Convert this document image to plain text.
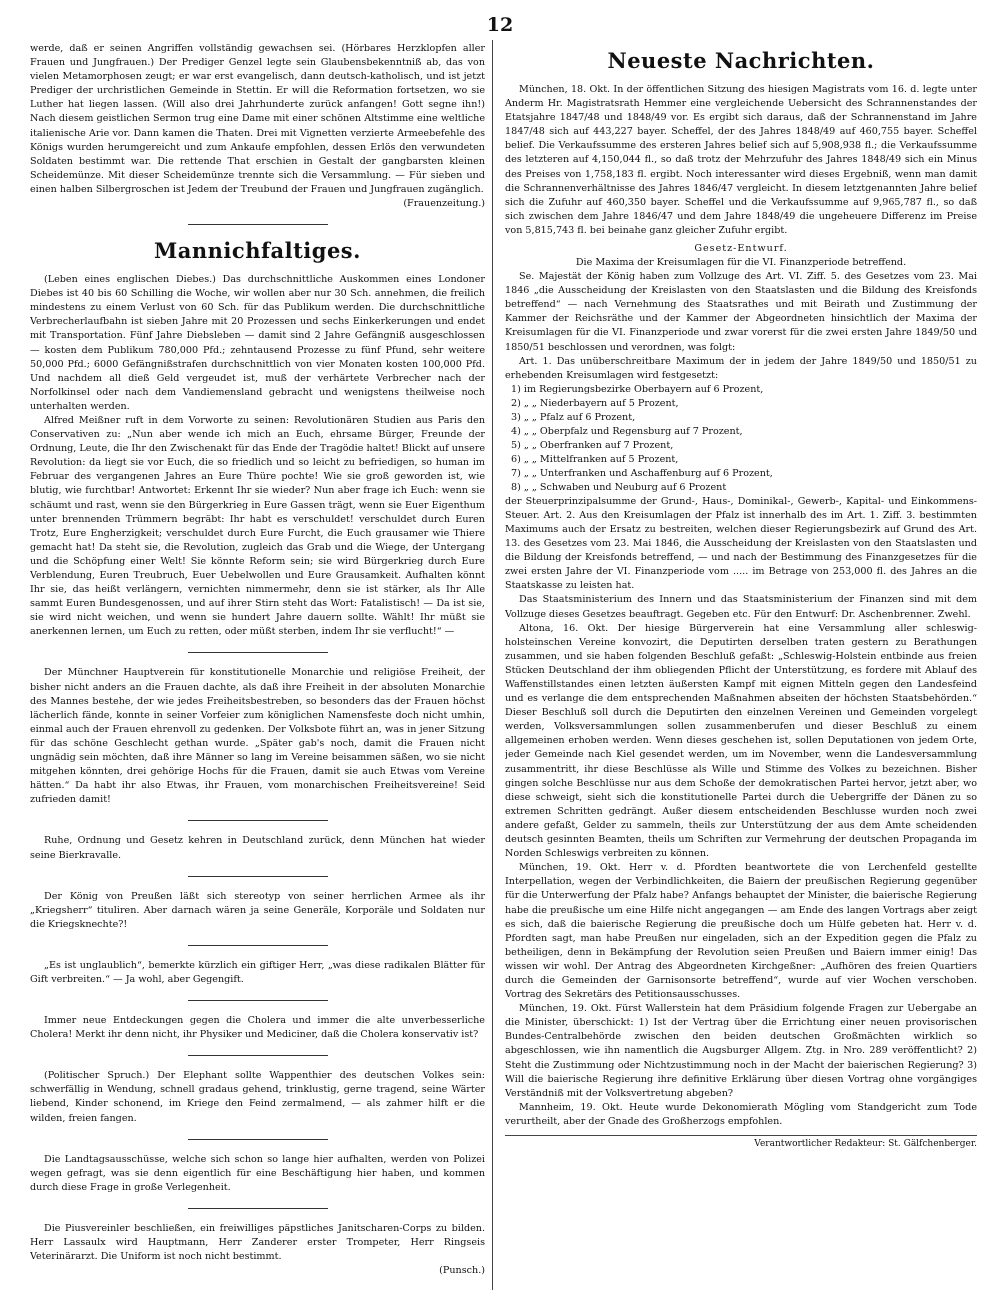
12

werde, daß er seinen Angriffen vollständig gewachsen sei. (Hörbares Herzklopfen aller Frauen und Jungfrauen.) Der Prediger Genzel legte sein Glaubensbekenntniß ab, das von vielen Metamorphosen zeugt; er war erst evangelisch, dann deutsch-katholisch, und ist jetzt Prediger der urchristlichen Gemeinde in Stettin. Er will die Reformation fortsetzen, wo sie Luther hat liegen lassen. (Will also drei Jahrhunderte zurück anfangen! Gott segne ihn!) Nach diesem geistlichen Sermon trug eine Dame mit einer schönen Altstimme eine weltliche italienische Arie vor. Dann kamen die Thaten. Drei mit Vignetten verzierte Armeebefehle des Königs wurden herumgereicht und zum Ankaufe empfohlen, dessen Erlös den verwundeten Soldaten bestimmt war. Die rettende That erschien in Gestalt der gangbarsten kleinen Scheidemünze. Mit dieser Scheidemünze trennte sich die Versammlung. — Für sieben und einen halben Silbergroschen ist Jedem der Treubund der Frauen und Jungfrauen zugänglich.

(Frauenzeitung.)
Mannichfaltiges.

(Leben eines englischen Diebes.) Das durchschnittliche Auskommen eines Londoner Diebes ist 40 bis 60 Schilling die Woche, wir wollen aber nur 30 Sch. annehmen, die freilich mindestens zu einem Verlust von 60 Sch. für das Publikum werden. Die durchschnittliche Verbrecherlaufbahn ist sieben Jahre mit 20 Prozessen und sechs Einkerkerungen und endet mit Transportation. Fünf Jahre Diebsleben — damit sind 2 Jahre Gefängniß ausgeschlossen — kosten dem Publikum 780,000 Pfd.; zehntausend Prozesse zu fünf Pfund, sehr weitere 50,000 Pfd.; 6000 Gefängnißstrafen durchschnittlich von vier Monaten kosten 100,000 Pfd. Und nachdem all dieß Geld vergeudet ist, muß der verhärtete Verbrecher nach der Norfolkinsel oder nach dem Vandiemensland gebracht und wenigstens theilweise noch unterhalten werden.

Alfred Meißner ruft in dem Vorworte zu seinen: Revolutionären Studien aus Paris den Conservativen zu: „Nun aber wende ich mich an Euch, ehrsame Bürger, Freunde der Ordnung, Leute, die Ihr den Zwischenakt für das Ende der Tragödie haltet! Blickt auf unsere Revolution: da liegt sie vor Euch, die so friedlich und so leicht zu befriedigen, so human im Februar des vergangenen Jahres an Eure Thüre pochte! Wie sie groß geworden ist, wie blutig, wie furchtbar! Antwortet: Erkennt Ihr sie wieder? Nun aber frage ich Euch: wenn sie schäumt und rast, wenn sie den Bürgerkrieg in Eure Gassen trägt, wenn sie Euer Eigenthum unter brennenden Trümmern begräbt: Ihr habt es verschuldet! verschuldet durch Euren Trotz, Eure Engherzigkeit; verschuldet durch Eure Furcht, die Euch grausamer wie Thiere gemacht hat! Da steht sie, die Revolution, zugleich das Grab und die Wiege, der Untergang und die Schöpfung einer Welt! Sie könnte Reform sein; sie wird Bürgerkrieg durch Eure Verblendung, Euren Treubruch, Euer Uebelwollen und Eure Grausamkeit. Aufhalten könnt Ihr sie, das heißt verlängern, vernichten nimmermehr, denn sie ist stärker, als Ihr Alle sammt Euren Bundesgenossen, und auf ihrer Stirn steht das Wort: Fatalistisch! — Da ist sie, sie wird nicht weichen, und wenn sie hundert Jahre dauern sollte. Wählt! Ihr müßt sie anerkennen lernen, um Euch zu retten, oder müßt sterben, indem Ihr sie verflucht!“ —

Der Münchner Hauptverein für konstitutionelle Monarchie und religiöse Freiheit, der bisher nicht anders an die Frauen dachte, als daß ihre Freiheit in der absoluten Monarchie des Mannes bestehe, der wie jedes Freiheitsbestreben, so besonders das der Frauen höchst lächerlich fände, konnte in seiner Vorfeier zum königlichen Namensfeste doch nicht umhin, einmal auch der Frauen ehrenvoll zu gedenken. Der Volksbote führt an, was in jener Sitzung für das schöne Geschlecht gethan wurde. „Später gab's noch, damit die Frauen nicht ungnädig sein möchten, daß ihre Männer so lang im Vereine beisammen säßen, wo sie nicht mitgehen könnten, drei gehörige Hochs für die Frauen, damit sie auch Etwas vom Vereine hätten.“ Da habt ihr also Etwas, ihr Frauen, vom monarchischen Freiheitsvereine! Seid zufrieden damit!

Ruhe, Ordnung und Gesetz kehren in Deutschland zurück, denn München hat wieder seine Bierkravalle.

Der König von Preußen läßt sich stereotyp von seiner herrlichen Armee als ihr „Kriegsherr“ tituliren. Aber darnach wären ja seine Generäle, Korporäle und Soldaten nur die Kriegsknechte?!

„Es ist unglaublich“, bemerkte kürzlich ein giftiger Herr, „was diese radikalen Blätter für Gift verbreiten.“ — Ja wohl, aber Gegengift.

Immer neue Entdeckungen gegen die Cholera und immer die alte unverbesserliche Cholera! Merkt ihr denn nicht, ihr Physiker und Mediciner, daß die Cholera konservativ ist?

(Politischer Spruch.) Der Elephant sollte Wappenthier des deutschen Volkes sein: schwerfällig in Wendung, schnell gradaus gehend, trinklustig, gerne tragend, seine Wärter liebend, Kinder schonend, im Kriege den Feind zermalmend, — als zahmer hilft er die wilden, freien fangen.

Die Landtagsausschüsse, welche sich schon so lange hier aufhalten, werden von Polizei wegen gefragt, was sie denn eigentlich für eine Beschäftigung hier haben, und kommen durch diese Frage in große Verlegenheit.

Die Piusvereinler beschließen, ein freiwilliges päpstliches Janitscharen-Corps zu bilden. Herr Lassaulx wird Hauptmann, Herr Zanderer erster Trompeter, Herr Ringseis Veterinärarzt. Die Uniform ist noch nicht bestimmt.

(Punsch.)
Neueste Nachrichten.

München, 18. Okt. In der öffentlichen Sitzung des hiesigen Magistrats vom 16. d. legte unter Anderm Hr. Magistratsrath Hemmer eine vergleichende Uebersicht des Schrannenstandes der Etatsjahre 1847/48 und 1848/49 vor. Es ergibt sich daraus, daß der Schrannenstand im Jahre 1847/48 sich auf 443,227 bayer. Scheffel, der des Jahres 1848/49 auf 460,755 bayer. Scheffel belief. Die Verkaufssumme des ersteren Jahres belief sich auf 5,908,938 fl.; die Verkaufssumme des letzteren auf 4,150,044 fl., so daß trotz der Mehrzufuhr des Jahres 1848/49 sich ein Minus des Preises von 1,758,183 fl. ergibt. Noch interessanter wird dieses Ergebniß, wenn man damit die Schrannenverhältnisse des Jahres 1846/47 vergleicht. In diesem letztgenannten Jahre belief sich die Zufuhr auf 460,350 bayer. Scheffel und die Verkaufssumme auf 9,965,787 fl., so daß sich zwischen dem Jahre 1846/47 und dem Jahre 1848/49 die ungeheuere Differenz im Preise von 5,815,743 fl. bei beinahe ganz gleicher Zufuhr ergibt.

Gesetz-Entwurf.
Die Maxima der Kreisumlagen für die VI. Finanzperiode betreffend.

Se. Majestät der König haben zum Vollzuge des Art. VI. Ziff. 5. des Gesetzes vom 23. Mai 1846 „die Ausscheidung der Kreislasten von den Staatslasten und die Bildung des Kreisfonds betreffend“ — nach Vernehmung des Staatsrathes und mit Beirath und Zustimmung der Kammer der Reichsräthe und der Kammer der Abgeordneten hinsichtlich der Maxima der Kreisumlagen für die VI. Finanzperiode und zwar vorerst für die zwei ersten Jahre 1849/50 und 1850/51 beschlossen und verordnen, was folgt:

Art. 1. Das unüberschreitbare Maximum der in jedem der Jahre 1849/50 und 1850/51 zu erhebenden Kreisumlagen wird festgesetzt:

1) im Regierungsbezirke Oberbayern auf 6 Prozent,
2) „ „ Niederbayern auf 5 Prozent,
3) „ „ Pfalz auf 6 Prozent,
4) „ „ Oberpfalz und Regensburg auf 7 Prozent,
5) „ „ Oberfranken auf 7 Prozent,
6) „ „ Mittelfranken auf 5 Prozent,
7) „ „ Unterfranken und Aschaffenburg auf 6 Prozent,
8) „ „ Schwaben und Neuburg auf 6 Prozent

der Steuerprinzipalsumme der Grund-, Haus-, Dominikal-, Gewerb-, Kapital- und Einkommens-Steuer. Art. 2. Aus den Kreisumlagen der Pfalz ist innerhalb des im Art. 1. Ziff. 3. bestimmten Maximums auch der Ersatz zu bestreiten, welchen dieser Regierungsbezirk auf Grund des Art. 13. des Gesetzes vom 23. Mai 1846, die Ausscheidung der Kreislasten von den Staatslasten und die Bildung der Kreisfonds betreffend, — und nach der Bestimmung des Finanzgesetzes für die zwei ersten Jahre der VI. Finanzperiode vom ..... im Betrage von 253,000 fl. des Jahres an die Staatskasse zu leisten hat.

Das Staatsministerium des Innern und das Staatsministerium der Finanzen sind mit dem Vollzuge dieses Gesetzes beauftragt. Gegeben etc. Für den Entwurf: Dr. Aschenbrenner. Zwehl.

Altona, 16. Okt. Der hiesige Bürgerverein hat eine Versammlung aller schleswig-holsteinschen Vereine konvozirt, die Deputirten derselben traten gestern zu Berathungen zusammen, und sie haben folgenden Beschluß gefaßt: „Schleswig-Holstein entbinde aus freien Stücken Deutschland der ihm obliegenden Pflicht der Unterstützung, es fordere mit Ablauf des Waffenstillstandes einen letzten äußersten Kampf mit eignen Mitteln gegen den Landesfeind und es verlange die dem entsprechenden Maßnahmen abseiten der höchsten Staatsbehörden.“ Dieser Beschluß soll durch die Deputirten den einzelnen Vereinen und Gemeinden vorgelegt werden, Volksversammlungen sollen zusammenberufen und dieser Beschluß zu einem allgemeinen erhoben werden. Wenn dieses geschehen ist, sollen Deputationen von jedem Orte, jeder Gemeinde nach Kiel gesendet werden, um im November, wenn die Landesversammlung zusammentritt, ihr diese Beschlüsse als Wille und Stimme des Volkes zu bezeichnen. Bisher gingen solche Beschlüsse nur aus dem Schoße der demokratischen Partei hervor, jetzt aber, wo diese schweigt, sieht sich die konstitutionelle Partei durch die Uebergriffe der Dänen zu so extremen Schritten gedrängt. Außer diesem entscheidenden Beschlusse wurden noch zwei andere gefaßt, Gelder zu sammeln, theils zur Unterstützung der aus dem Amte scheidenden deutsch gesinnten Beamten, theils um Schriften zur Vermehrung der deutschen Propaganda im Norden Schleswigs verbreiten zu können.

München, 19. Okt. Herr v. d. Pfordten beantwortete die von Lerchenfeld gestellte Interpellation, wegen der Verbindlichkeiten, die Baiern der preußischen Regierung gegenüber für die Unterwerfung der Pfalz habe? Anfangs behauptet der Minister, die baierische Regierung habe die preußische um eine Hilfe nicht angegangen — am Ende des langen Vortrags aber zeigt es sich, daß die baierische Regierung die preußische doch um Hülfe gebeten hat. Herr v. d. Pfordten sagt, man habe Preußen nur eingeladen, sich an der Expedition gegen die Pfalz zu betheiligen, denn in Bekämpfung der Revolution seien Preußen und Baiern immer einig! Das wissen wir wohl. Der Antrag des Abgeordneten Kirchgeßner: „Aufhören des freien Quartiers durch die Gemeinden der Garnisonsorte betreffend“, wurde auf vier Wochen verschoben. Vortrag des Sekretärs des Petitionsausschusses.

München, 19. Okt. Fürst Wallerstein hat dem Präsidium folgende Fragen zur Uebergabe an die Minister, überschickt: 1) Ist der Vertrag über die Errichtung einer neuen provisorischen Bundes-Centralbehörde zwischen den beiden deutschen Großmächten wirklich so abgeschlossen, wie ihn namentlich die Augsburger Allgem. Ztg. in Nro. 289 veröffentlicht? 2) Steht die Zustimmung oder Nichtzustimmung noch in der Macht der baierischen Regierung? 3) Will die baierische Regierung ihre definitive Erklärung über diesen Vortrag ohne vorgängiges Verständniß mit der Volksvertretung abgeben?

Mannheim, 19. Okt. Heute wurde Dekonomierath Mögling vom Standgericht zum Tode verurtheilt, aber der Gnade des Großherzogs empfohlen.

Verantwortlicher Redakteur: St. Gälfchenberger.
